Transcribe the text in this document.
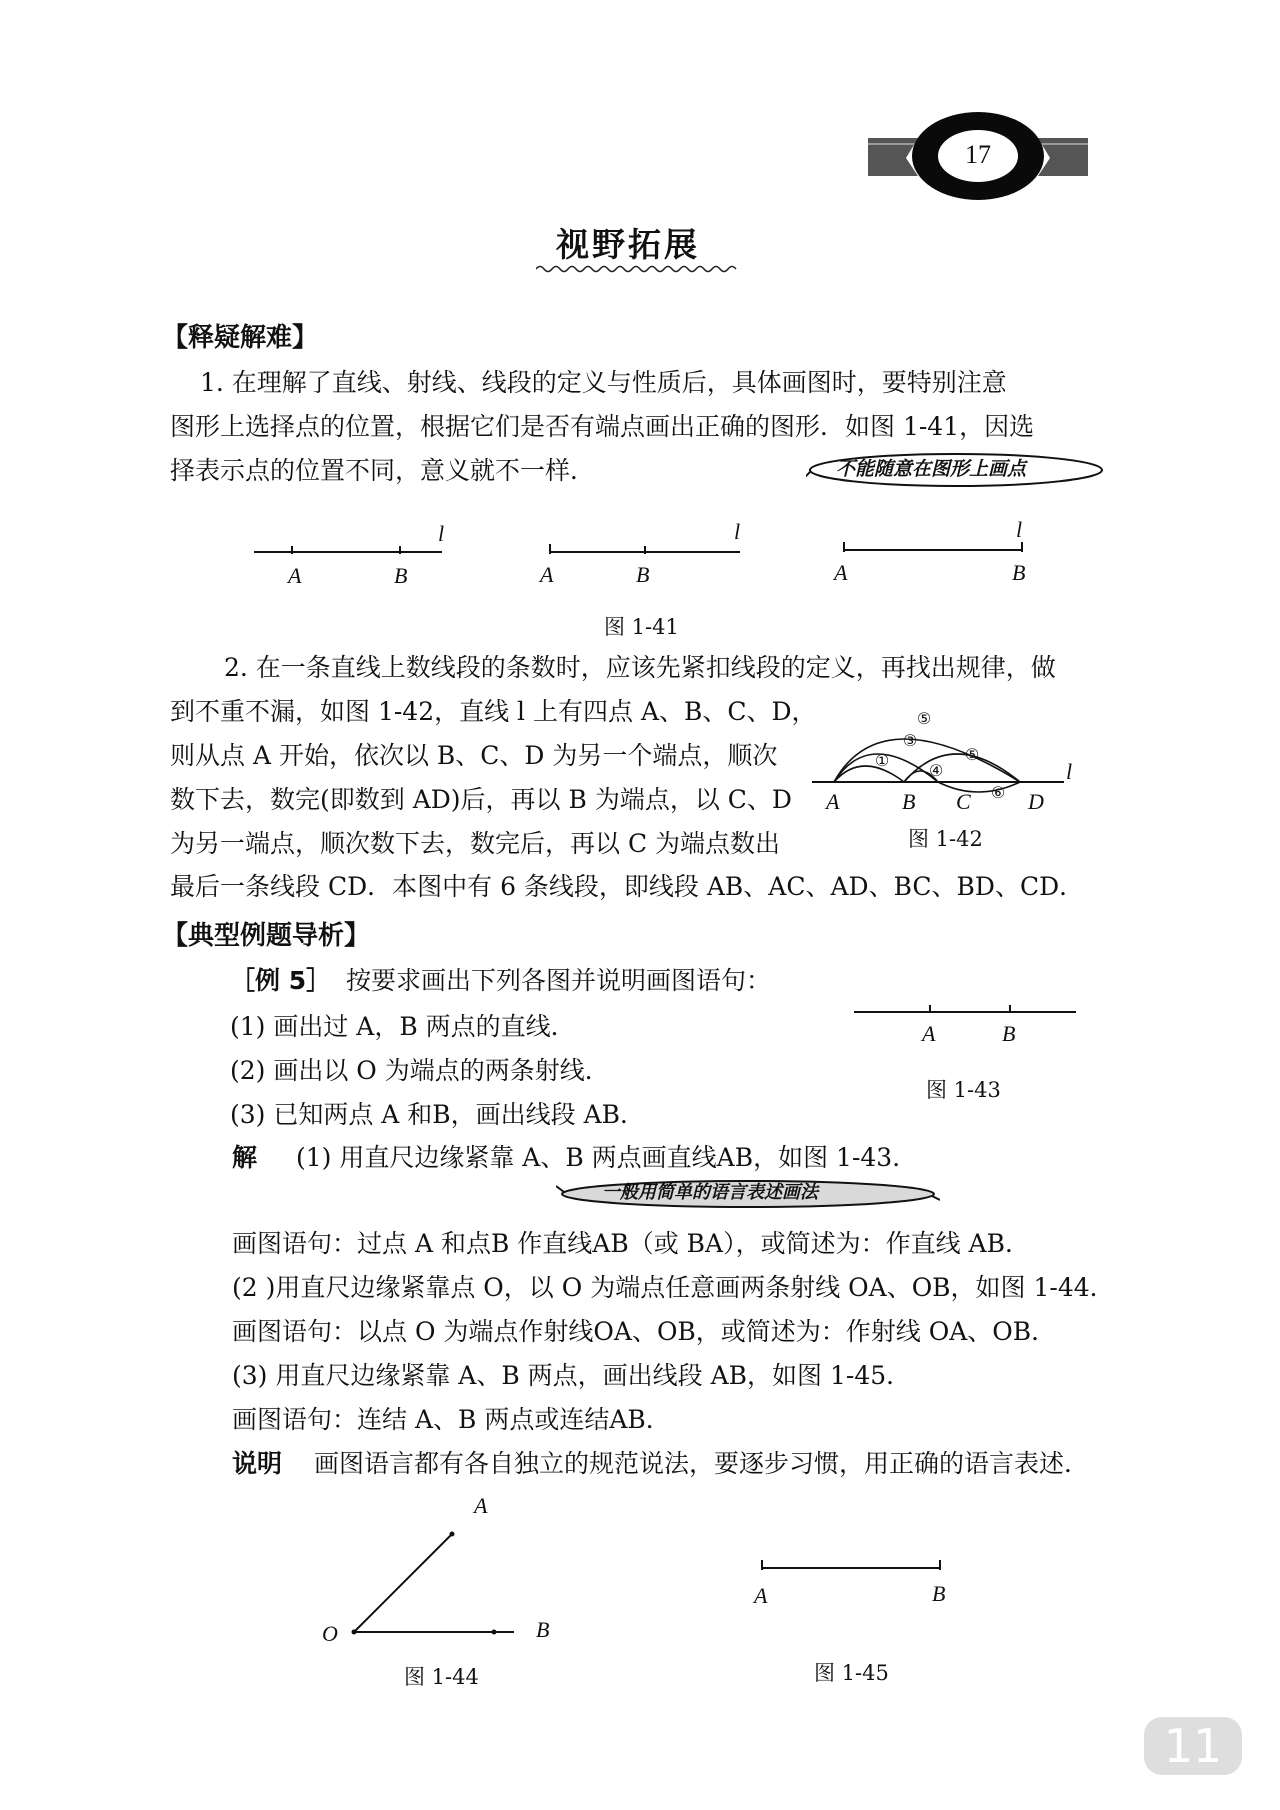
17
视野拓展
【释疑解难】
1. 在理解了直线、射线、线段的定义与性质后，具体画图时，要特别注意
图形上选择点的位置，根据它们是否有端点画出正确的图形．如图 1-41，因选
择表示点的位置不同，意义就不一样．	不能随意在图形上画点
l
A	B
l
A	B
l
A	B
图 1-41
2. 在一条直线上数线段的条数时，应该先紧扣线段的定义，再找出规律，做
到不重不漏，如图 1-42，直线 l 上有四点 A、B、C、D，
则从点 A 开始，依次以 B、C、D 为另一个端点，顺次
数下去，数完(即数到 AD)后，再以 B 为端点，以 C、D
为另一端点，顺次数下去，数完后，再以 C 为端点数出
最后一条线段 CD．本图中有 6 条线段，即线段 AB、AC、AD、BC、BD、CD．
①
③
⑤
④
⑤
⑥
l
A	B C	D
图 1-42
【典型例题导析】
［例 5］ 按要求画出下列各图并说明画图语句：
(1) 画出过 A，B 两点的直线．
(2) 画出以 O 为端点的两条射线．
(3) 已知两点 A 和B，画出线段 AB．
A	B
图 1-43
解 (1) 用直尺边缘紧靠 A、B 两点画直线AB，如图 1-43．
一般用简单的语言表述画法
画图语句：过点 A 和点B 作直线AB（或 BA），或简述为：作直线 AB．
(2 )用直尺边缘紧靠点 O，以 O 为端点任意画两条射线 OA、OB，如图 1-44．
画图语句：以点 O 为端点作射线OA、OB，或简述为：作射线 OA、OB．
(3) 用直尺边缘紧靠 A、B 两点，画出线段 AB，如图 1-45．
画图语句：连结 A、B 两点或连结AB．
说明 画图语言都有各自独立的规范说法，要逐步习惯，用正确的语言表述．
A
O	B
图 1-44
A	B
图 1-45
11
